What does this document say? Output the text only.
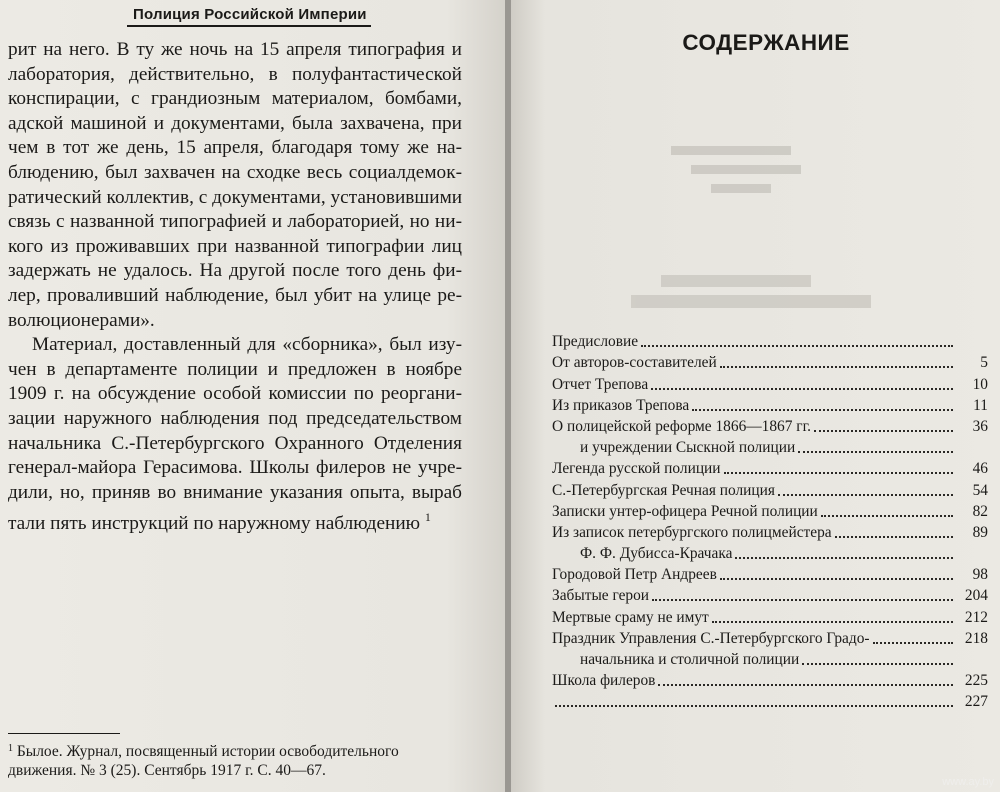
Полиция Российской Империи
рит на него. В ту же ночь на 15 апреля типография и
лаборатория, действительно, в полуфантастической
конспирации, с грандиозным материалом, бомбами,
адской машиной и документами, была захвачена, при
чем в тот же день, 15 апреля, благодаря тому же на-
блюдению, был захвачен на сходке весь социалдемок-
ратический коллектив, с документами, установившими
связь с названной типографией и лабораторией, но ни-
кого из проживавших при названной типографии лиц
задержать не удалось. На другой после того день фи-
лер, проваливший наблюдение, был убит на улице ре-
волюционерами».
Материал, доставленный для «сборника», был изу-
чен в департаменте полиции и предложен в ноябре
1909 г. на обсуждение особой комиссии по реоргани-
зации наружного наблюдения под председательством
начальника С.-Петербургского Охранного Отделения
генерал-майора Герасимова. Школы филеров не учре-
дили, но, приняв во внимание указания опыта, выраб
тали пять инструкций по наружному наблюдению $^1$
$^1$ Былое. Журнал, посвященный истории освободительного
движения. № 3 (25). Сентябрь 1917 г. С. 40—67.
СОДЕРЖАНИЕ
Предисловие
От авторов-составителей	5
Отчет Трепова	10
Из приказов Трепова	11
О полицейской реформе 1866—1867 гг.	36
и учреждении Сыскной полиции
Легенда русской полиции	46
С.-Петербургская Речная полиция	54
Записки унтер-офицера Речной полиции	82
Из записок петербургского полицмейстера	89
Ф. Ф. Дубисса-Крачака
Городовой Петр Андреев	98
Забытые герои	204
Мертвые сраму не имут	212
Праздник Управления С.-Петербургского Градо-	218
начальника и столичной полиции
Школа филеров	225
227
www.ay.by
